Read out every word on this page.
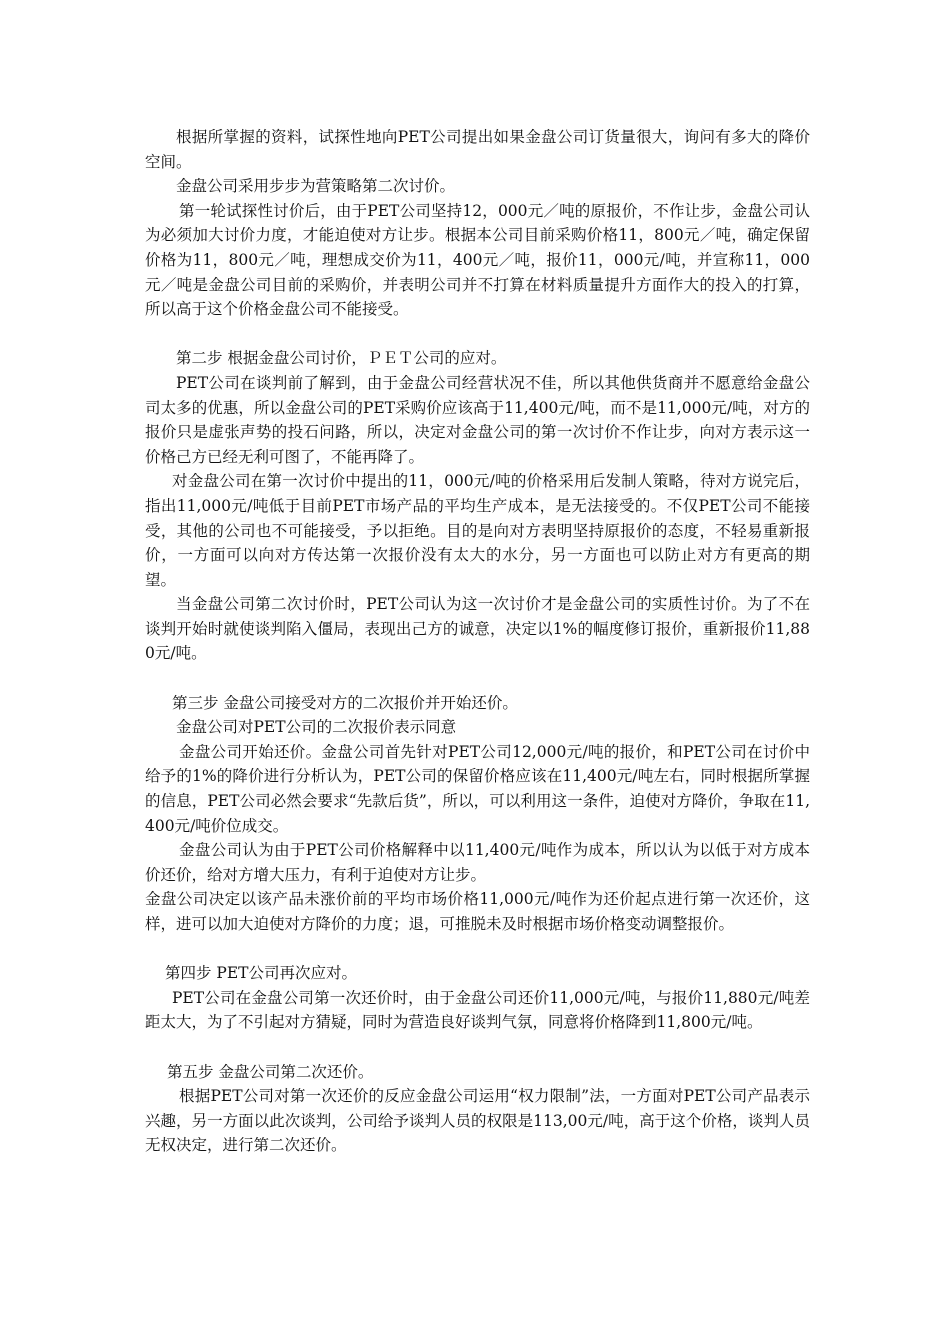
根据所掌握的资料，试探性地向PET公司提出如果金盘公司订货量很大，询问有多大的降价空间。

金盘公司采用步步为营策略第二次讨价。

第一轮试探性讨价后，由于PET公司坚持12，000元／吨的原报价，不作让步，金盘公司认为必须加大讨价力度，才能迫使对方让步。根据本公司目前采购价格11，800元／吨，确定保留价格为11，800元／吨，理想成交价为11，400元／吨，报价11，000元/吨，并宣称11，000元／吨是金盘公司目前的采购价，并表明公司并不打算在材料质量提升方面作大的投入的打算，所以高于这个价格金盘公司不能接受。

第二步 根据金盘公司讨价，ＰＥＴ公司的应对。

PET公司在谈判前了解到，由于金盘公司经营状况不佳，所以其他供货商并不愿意给金盘公司太多的优惠，所以金盘公司的PET采购价应该高于11,400元/吨，而不是11,000元/吨，对方的报价只是虚张声势的投石问路，所以，决定对金盘公司的第一次讨价不作让步，向对方表示这一价格己方已经无利可图了，不能再降了。

对金盘公司在第一次讨价中提出的11，000元/吨的价格采用后发制人策略，待对方说完后，指出11,000元/吨低于目前PET市场产品的平均生产成本，是无法接受的。不仅PET公司不能接受，其他的公司也不可能接受，予以拒绝。目的是向对方表明坚持原报价的态度，不轻易重新报价，一方面可以向对方传达第一次报价没有太大的水分，另一方面也可以防止对方有更高的期望。

当金盘公司第二次讨价时，PET公司认为这一次讨价才是金盘公司的实质性讨价。为了不在谈判开始时就使谈判陷入僵局，表现出己方的诚意，决定以1%的幅度修订报价，重新报价11,880元/吨。

第三步 金盘公司接受对方的二次报价并开始还价。

金盘公司对PET公司的二次报价表示同意

金盘公司开始还价。金盘公司首先针对PET公司12,000元/吨的报价，和PET公司在讨价中给予的1%的降价进行分析认为，PET公司的保留价格应该在11,400元/吨左右，同时根据所掌握的信息，PET公司必然会要求“先款后货”，所以，可以利用这一条件，迫使对方降价，争取在11,400元/吨价位成交。

金盘公司认为由于PET公司价格解释中以11,400元/吨作为成本，所以认为以低于对方成本价还价，给对方增大压力，有利于迫使对方让步。

金盘公司决定以该产品未涨价前的平均市场价格11,000元/吨作为还价起点进行第一次还价，这样，进可以加大迫使对方降价的力度；退，可推脱未及时根据市场价格变动调整报价。

第四步 PET公司再次应对。

PET公司在金盘公司第一次还价时，由于金盘公司还价11,000元/吨，与报价11,880元/吨差距太大，为了不引起对方猜疑，同时为营造良好谈判气氛，同意将价格降到11,800元/吨。

第五步 金盘公司第二次还价。

根据PET公司对第一次还价的反应金盘公司运用“权力限制”法，一方面对PET公司产品表示兴趣，另一方面以此次谈判，公司给予谈判人员的权限是113,00元/吨，高于这个价格，谈判人员无权决定，进行第二次还价。
